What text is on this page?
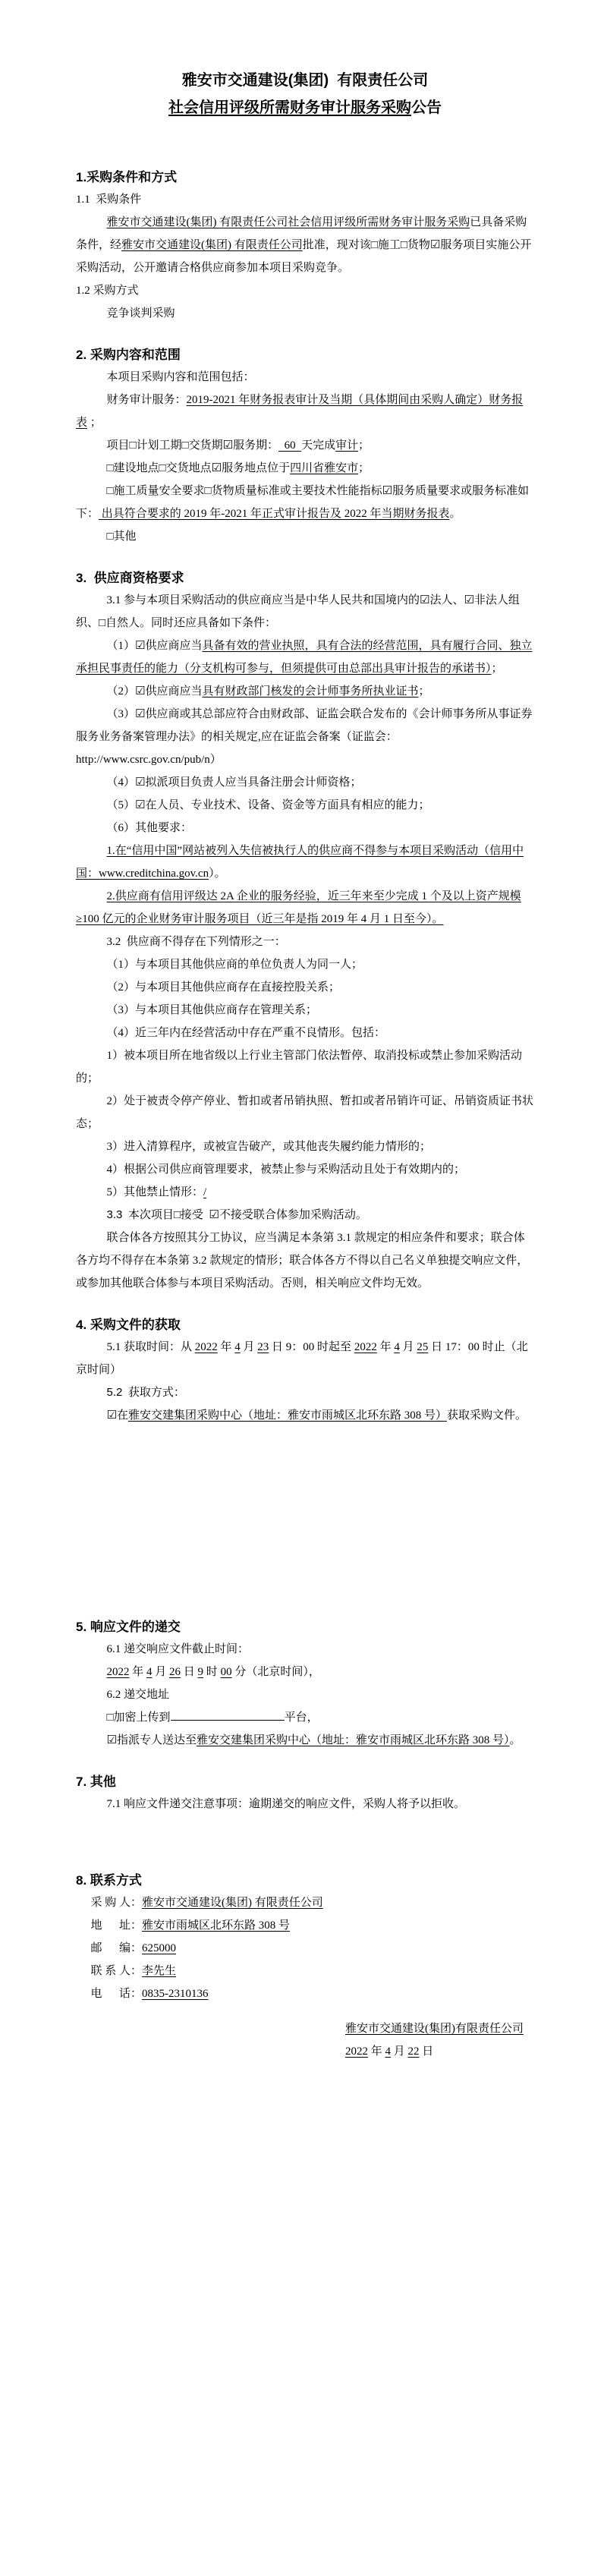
雅安市交通建设(集团)  有限责任公司

社会信用评级所需财务审计服务采购公告

1.采购条件和方式

1.1  采购条件

雅安市交通建设(集团) 有限责任公司社会信用评级所需财务审计服务采购已具备采购条件，经雅安市交通建设(集团) 有限责任公司批准，现对该□施工□货物☑服务项目实施公开采购活动，公开邀请合格供应商参加本项目采购竞争。

1.2 采购方式

竞争谈判采购

2. 采购内容和范围

本项目采购内容和范围包括：

财务审计服务：2019-2021 年财务报表审计及当期（具体期间由采购人确定）财务报表 ；

项目□计划工期□交货期☑服务期：  60  天完成审计；

□建设地点□交货地点☑服务地点位于四川省雅安市；

□施工质量安全要求□货物质量标准或主要技术性能指标☑服务质量要求或服务标准如下： 出具符合要求的 2019 年-2021 年正式审计报告及 2022 年当期财务报表。

□其他

3.  供应商资格要求

3.1 参与本项目采购活动的供应商应当是中华人民共和国境内的☑法人、☑非法人组织、□自然人。同时还应具备如下条件：

（1）☑供应商应当具备有效的营业执照，具有合法的经营范围，具有履行合同、独立承担民事责任的能力（分支机构可参与，但须提供可由总部出具审计报告的承诺书）；

（2）☑供应商应当具有财政部门核发的会计师事务所执业证书；

（3）☑供应商或其总部应符合由财政部、证监会联合发布的《会计师事务所从事证券服务业务备案管理办法》的相关规定,应在证监会备案（证监会：http://www.csrc.gov.cn/pub/n）

（4）☑拟派项目负责人应当具备注册会计师资格；

（5）☑在人员、专业技术、设备、资金等方面具有相应的能力；

（6）其他要求：

1.在“信用中国”网站被列入失信被执行人的供应商不得参与本项目采购活动（信用中国：www.creditchina.gov.cn）。

2.供应商有信用评级达 2A 企业的服务经验，近三年来至少完成 1 个及以上资产规模≥100 亿元的企业财务审计服务项目（近三年是指 2019 年 4 月 1 日至今）。

3.2  供应商不得存在下列情形之一：

（1）与本项目其他供应商的单位负责人为同一人；

（2）与本项目其他供应商存在直接控股关系；

（3）与本项目其他供应商存在管理关系；

（4）近三年内在经营活动中存在严重不良情形。包括：

1）被本项目所在地省级以上行业主管部门依法暂停、取消投标或禁止参加采购活动的；

2）处于被责令停产停业、暂扣或者吊销执照、暂扣或者吊销许可证、吊销资质证书状态；

3）进入清算程序，或被宣告破产，或其他丧失履约能力情形的；

4）根据公司供应商管理要求，被禁止参与采购活动且处于有效期内的；

5）其他禁止情形：/

3.3  本次项目□接受  ☑不接受联合体参加采购活动。

联合体各方按照其分工协议，应当满足本条第 3.1 款规定的相应条件和要求；联合体各方均不得存在本条第 3.2 款规定的情形；联合体各方不得以自己名义单独提交响应文件，或参加其他联合体参与本项目采购活动。否则，相关响应文件均无效。

4. 采购文件的获取

5.1 获取时间：从 2022 年 4 月 23 日 9：00 时起至 2022 年 4 月 25 日 17：00 时止（北京时间）

5.2  获取方式：

☑在雅安交建集团采购中心（地址：雅安市雨城区北环东路 308 号）获取采购文件。

5. 响应文件的递交

6.1 递交响应文件截止时间：

2022 年 4 月 26 日 9 时 00 分（北京时间），

6.2 递交地址

□加密上传到	平台，

☑指派专人送达至雅安交建集团采购中心（地址：雅安市雨城区北环东路 308 号）。

7. 其他

7.1 响应文件递交注意事项：逾期递交的响应文件，采购人将予以拒收。

8. 联系方式

采 购 人：雅安市交通建设(集团) 有限责任公司

地      址：雅安市雨城区北环东路 308 号

邮      编：625000

联 系 人：李先生

电      话：0835-2310136

雅安市交通建设(集团)有限责任公司

2022 年 4 月 22 日
